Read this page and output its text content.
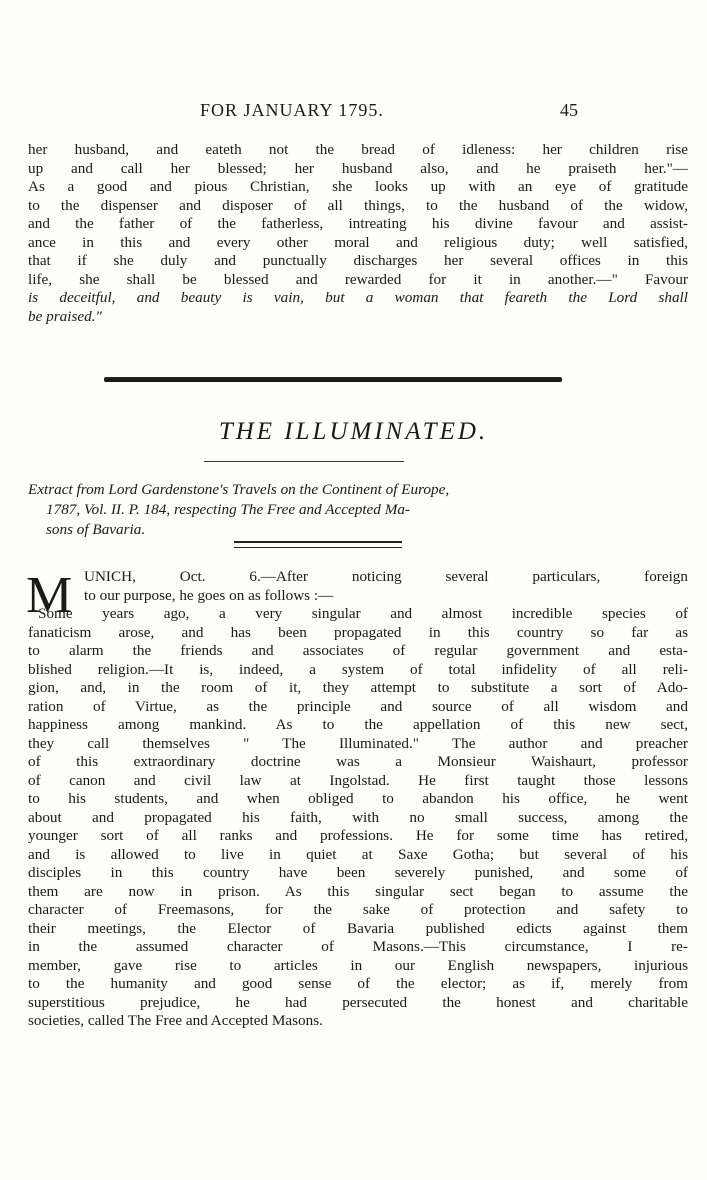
FOR JANUARY 1795.	45
her husband, and eateth not the bread of idleness: her children rise
up and call her blessed; her husband also, and he praiseth her."—
As a good and pious Christian, she looks up with an eye of gratitude
to the dispenser and disposer of all things, to the husband of the widow,
and the father of the fatherless, intreating his divine favour and assist-
ance in this and every other moral and religious duty; well satisfied,
that if she duly and punctually discharges her several offices in this
life, she shall be blessed and rewarded for it in another.—" Favour
is deceitful, and beauty is vain, but a woman that feareth the Lord shall
be praised."
THE ILLUMINATED.
Extract from Lord Gardenstone's Travels on the Continent of Europe,
1787, Vol. II. P. 184, respecting The Free and Accepted Ma-
sons of Bavaria.
M UNICH, Oct. 6.—After noticing several particulars, foreign
to our purpose, he goes on as follows :—
Some years ago, a very singular and almost incredible species of
fanaticism arose, and has been propagated in this country so far as
to alarm the friends and associates of regular government and esta-
blished religion.—It is, indeed, a system of total infidelity of all reli-
gion, and, in the room of it, they attempt to substitute a sort of Ado-
ration of Virtue, as the principle and source of all wisdom and
happiness among mankind. As to the appellation of this new sect,
they call themselves " The Illuminated." The author and preacher
of this extraordinary doctrine was a Monsieur Waishaurt, professor
of canon and civil law at Ingolstad. He first taught those lessons
to his students, and when obliged to abandon his office, he went
about and propagated his faith, with no small success, among the
younger sort of all ranks and professions. He for some time has retired,
and is allowed to live in quiet at Saxe Gotha; but several of his
disciples in this country have been severely punished, and some of
them are now in prison. As this singular sect began to assume the
character of Freemasons, for the sake of protection and safety to
their meetings, the Elector of Bavaria published edicts against them
in the assumed character of Masons.—This circumstance, I re-
member, gave rise to articles in our English newspapers, injurious
to the humanity and good sense of the elector; as if, merely from
superstitious prejudice, he had persecuted the honest and charitable
societies, called The Free and Accepted Masons.
